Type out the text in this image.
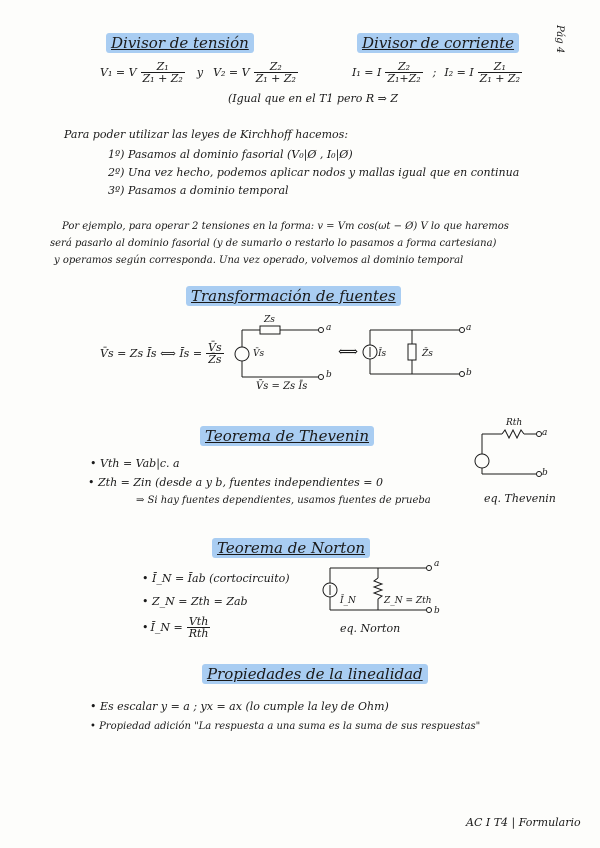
Pág 4
Divisor de tensión	Divisor de corriente
V₁ = V $\frac{\text{Z₁}}{\text{Z₁ + Z₂}}$ y V₂ = V $\frac{\text{Z₂}}{\text{Z₁ + Z₂}}$	I₁ = I $\frac{\text{Z₂}}{\text{Z₁+Z₂}}$ ; I₂ = I $\frac{\text{Z₁}}{\text{Z₁ + Z₂}}$
(Igual que en el T1 pero R ⇒ Z
Para poder utilizar las leyes de Kirchhoff hacemos:
1º) Pasamos al dominio fasorial (V₀|Ø , I₀|Ø)
2º) Una vez hecho, podemos aplicar nodos y mallas igual que en continua
3º) Pasamos a dominio temporal
Por ejemplo, para operar 2 tensiones en la forma: v = Vm cos(ωt − Ø) V lo que haremos
será pasarlo al dominio fasorial (y de sumarlo o restarlo lo pasamos a forma cartesiana)
y operamos según corresponda. Una vez operado, volvemos al dominio temporal
Transformación de fuentes
V̄s = Zs Īs ⟺ Īs = $\frac{V̄s}{Z̄s}$
Zs
V̄s
a
b
V̄s = Zs Īs
⟺ Īs	Z̄s
a
b
Teorema de Thevenin
• Vth = Vab|c. a
• Zth = Zin (desde a y b, fuentes independientes = 0
⇒ Si hay fuentes dependientes, usamos fuentes de prueba
Rth
a
b
eq. Thevenin
Teorema de Norton
• Ī_N = Īab (cortocircuito)
• Z_N = Zth = Zab
• Ī_N = $\frac{\text{Vth}}{\text{Rth}}$
Ī_N	Z_N = Zth
a
b
eq. Norton
Propiedades de la linealidad
• Es escalar y = a ; yx = ax (lo cumple la ley de Ohm)
• Propiedad adición "La respuesta a una suma es la suma de sus respuestas"
AC I T4 | Formulario
